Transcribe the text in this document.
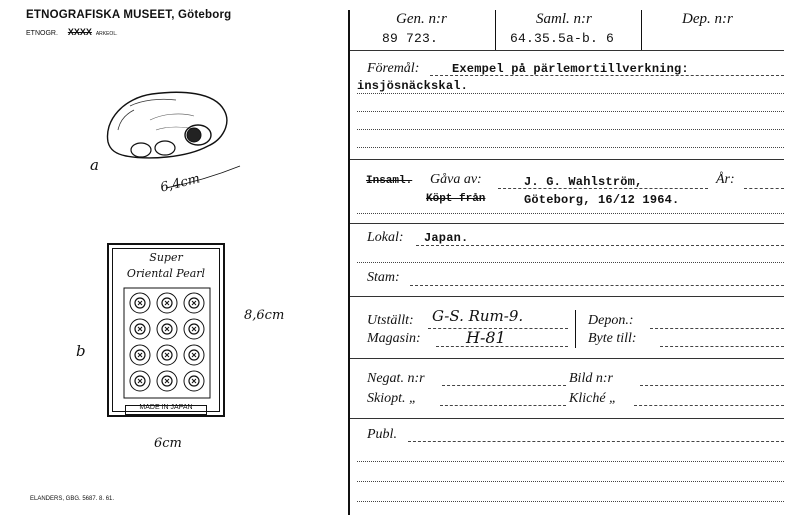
ETNOGRAFISKA MUSEET, Göteborg
ETNOGR. XXXX ARKEOL.
a
6,4cm
Super
Oriental Pearl
MADE IN JAPAN
8,6cm
b
6cm
ELANDERS, GBG. 5687. 8. 61.
Gen. n:r
89 723.
Saml. n:r
64.35.5a-b. 6
Dep. n:r
Föremål:	Exempel på pärlemortillverkning:
insjösnäckskal.
Insaml. Gåva av:	J. G. Wahlström,	År:
Köpt från	Göteborg, 16/12 1964.
Lokal: Japan.
Stam:
Utställt: G-S. Rum-9.	Depon.:
Magasin:	H-81	Byte till:
Negat. n:r	Bild n:r
Skiopt. „	Kliché „
Publ.
